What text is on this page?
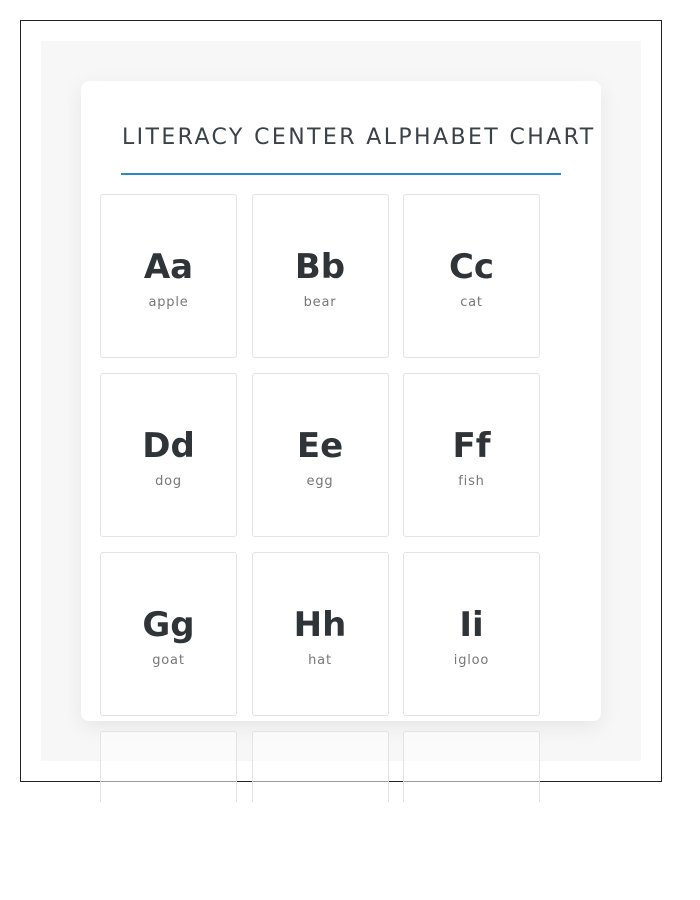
LITERACY CENTER ALPHABET CHART
Aa
apple
Bb
bear
Cc
cat
Dd
dog
Ee
egg
Ff
fish
Gg
goat
Hh
hat
Ii
igloo
